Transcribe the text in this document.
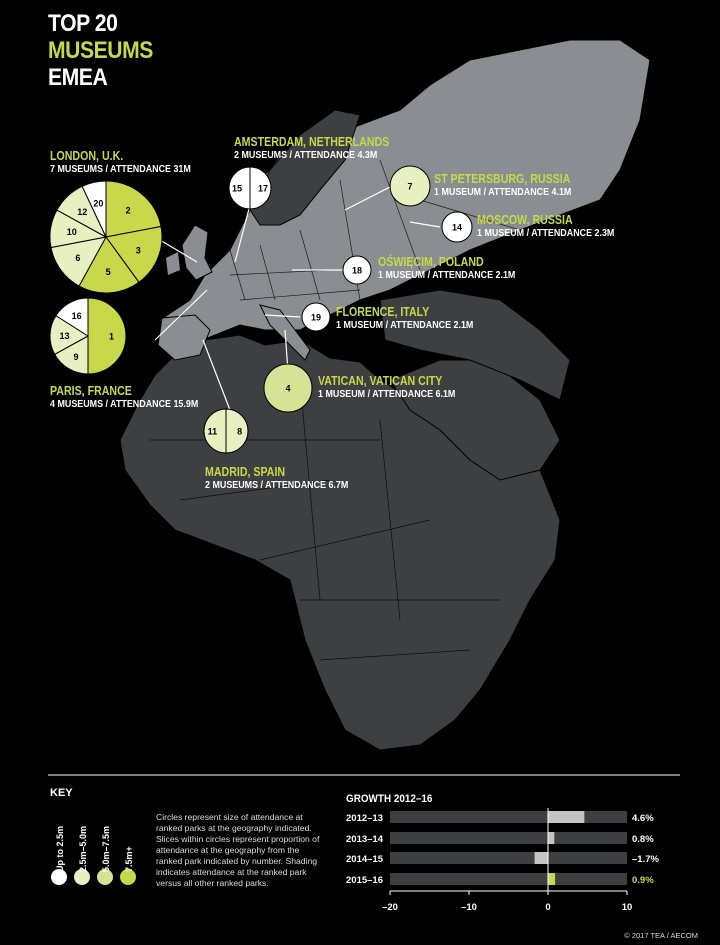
2
3
5
6
10
12
20
17
15
1
9
13
16
8
11
7
14
18
19
4
2012–13	4.6%
2013–14	0.8%
2014–15	–1.7%
2015–16	0.9%
–20	–10	0	10
TOP 20
MUSEUMS
EMEA
LONDON, U.K.
7 MUSEUMS / ATTENDANCE 31M
AMSTERDAM, NETHERLANDS
2 MUSEUMS / ATTENDANCE 4.3M
ST PETERSBURG, RUSSIA
1 MUSEUM / ATTENDANCE 4.1M
MOSCOW, RUSSIA
1 MUSEUM / ATTENDANCE 2.3M
OŚWIĘCIM, POLAND
1 MUSEUM / ATTENDANCE 2.1M
FLORENCE, ITALY
1 MUSEUM / ATTENDANCE 2.1M
VATICAN, VATICAN CITY
1 MUSEUM / ATTENDANCE 6.1M
PARIS, FRANCE
4 MUSEUMS / ATTENDANCE 15.9M
MADRID, SPAIN
2 MUSEUMS / ATTENDANCE 6.7M
KEY
Up to 2.5m 2.5m–5.0m 5.0m–7.5m 7.5m+
Circles represent size of attendance at ranked parks at the geography indicated. Slices within circles represent proportion of attendance at the geography from the ranked park indicated by number. Shading indicates attendance at the ranked park versus all other ranked parks.
GROWTH 2012–16
© 2017 TEA / AECOM
